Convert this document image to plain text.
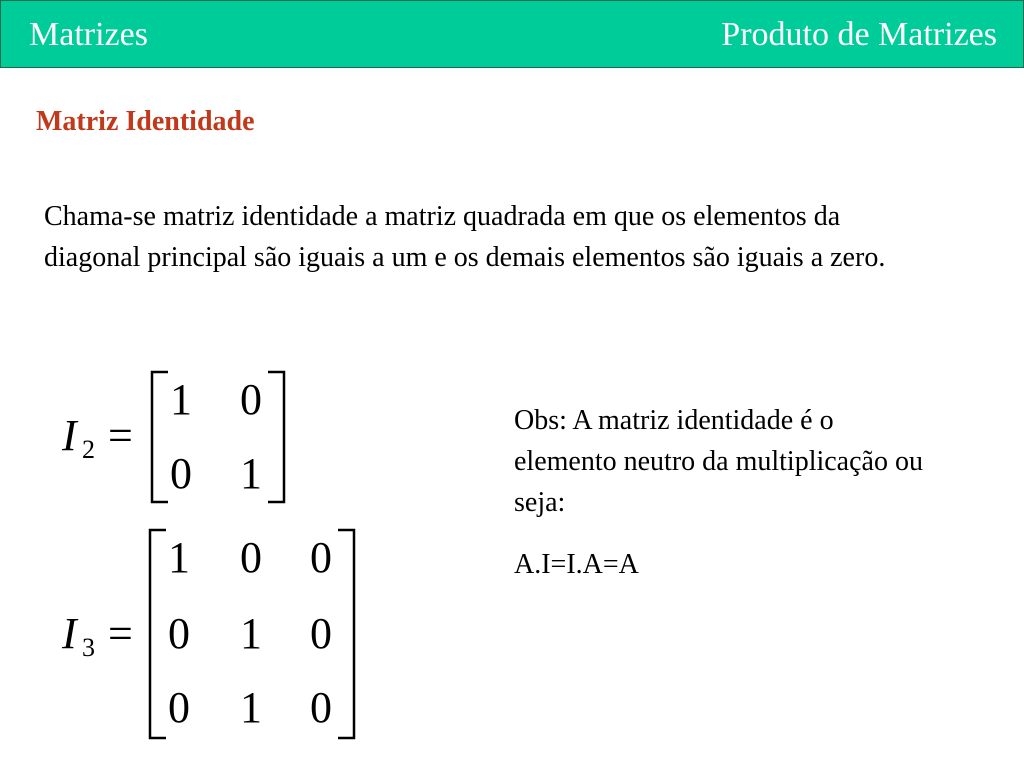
Matrizes	Produto de Matrizes
Matriz Identidade
Chama-se matriz identidade a matriz quadrada em que os elementos da diagonal principal são iguais a um e os demais elementos são iguais a zero.
I 2 =
1 0
0 1
I 3 =
1 0 0
0 1 0
0 1 0
Obs: A matriz identidade é o elemento neutro da multiplicação ou seja:
A.I=I.A=A
